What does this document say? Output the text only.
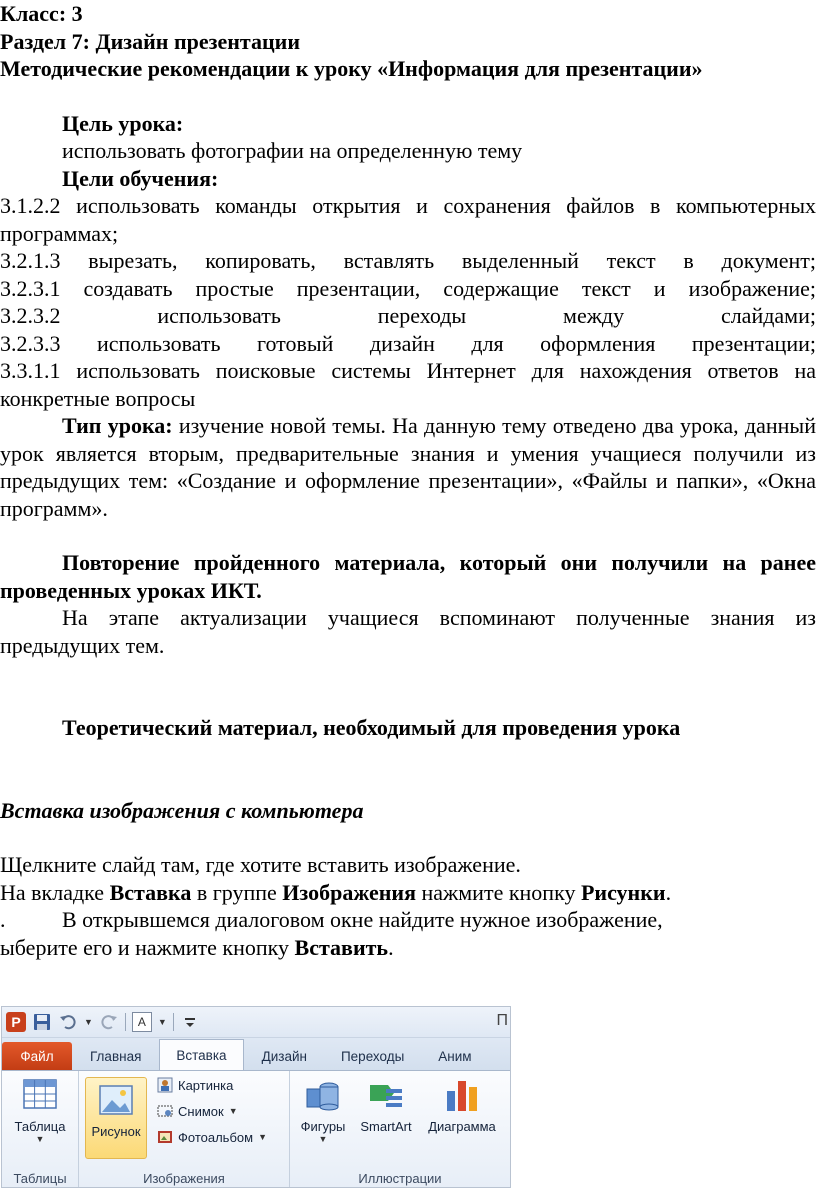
Класс: 3
Раздел 7: Дизайн презентации
Методические рекомендации к уроку «Информация для презентации»
Цель урока:
использовать фотографии на определенную тему
Цели обучения:
3.1.2.2 использовать команды открытия и сохранения файлов в компьютерных программах;
3.2.1.3 вырезать, копировать, вставлять выделенный текст в документ;
3.2.3.1 создавать простые презентации, содержащие текст и изображение;
3.2.3.2 использовать переходы между слайдами;
3.2.3.3 использовать готовый дизайн для оформления презентации;
3.3.1.1 использовать поисковые системы Интернет для нахождения ответов на конкретные вопросы
Тип урока: изучение новой темы. На данную тему отведено два урока, данный урок является вторым, предварительные знания и умения учащиеся получили из предыдущих тем: «Создание и оформление презентации», «Файлы и папки», «Окна программ».
Повторение пройденного материала, который они получили на ранее проведенных уроках ИКТ.
На этапе актуализации учащиеся вспоминают полученные знания из предыдущих тем.
Теоретический материал, необходимый для проведения урока
Вставка изображения с компьютера
Щелкните слайд там, где хотите вставить изображение.
На вкладке Вставка в группе Изображения нажмите кнопку Рисунки.
.	В открывшемся диалоговом окне найдите нужное изображение,
ыберите его и нажмите кнопку Вставить.
P	▼	A	▼	П
Файл	Главная	Вставка	Дизайн	Переходы	Аним
Таблица
▼
Таблицы
Рисунок
Картинка
Снимок ▼
Фотоальбом ▼
Изображения
Фигуры
▼
SmartArt Диаграмма
Иллюстрации
